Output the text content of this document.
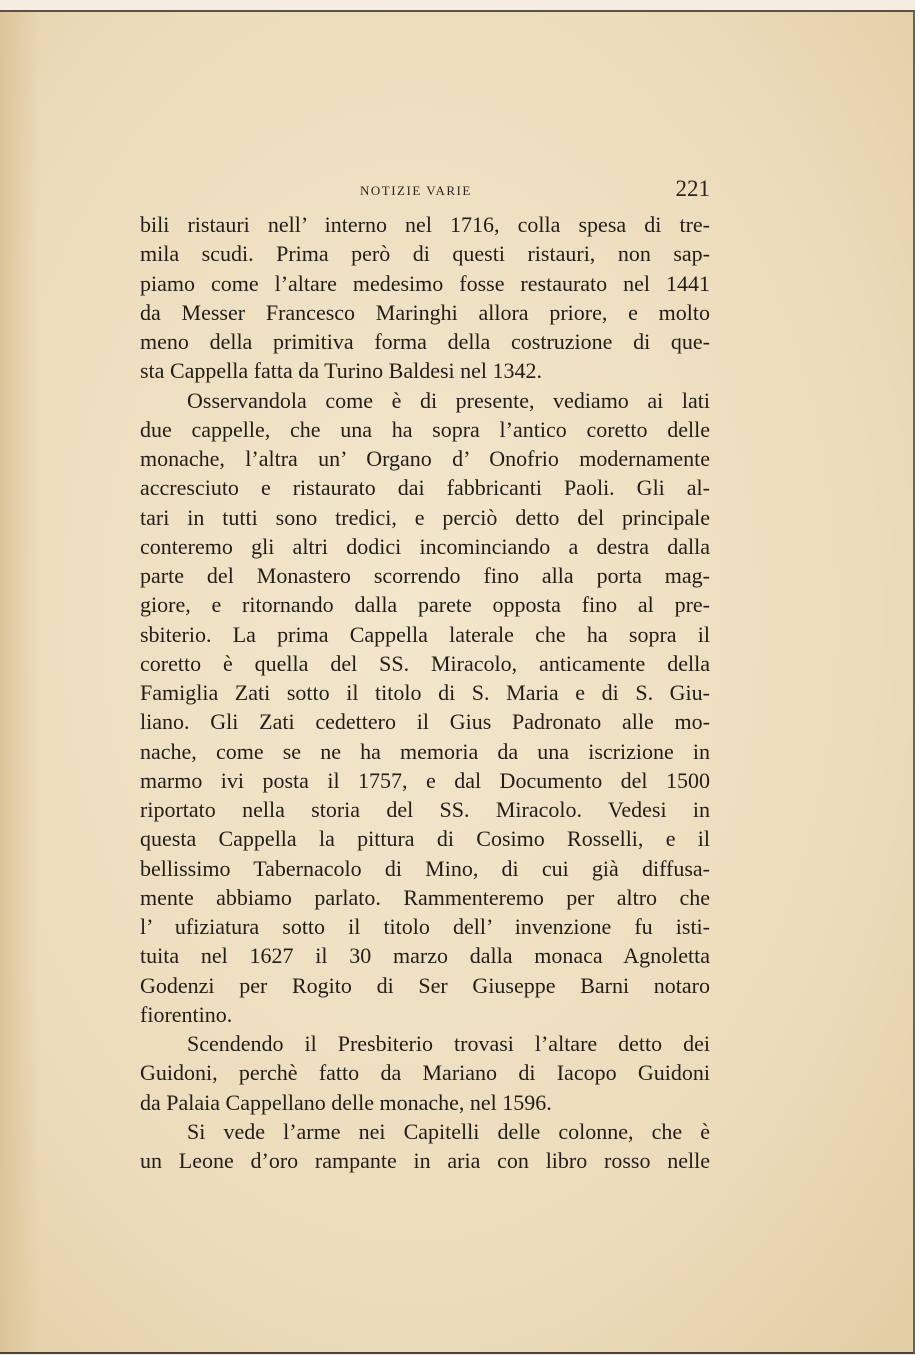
NOTIZIE VARIE	221
bili ristauri nell’ interno nel 1716, colla spesa di tre-
mila scudi. Prima però di questi ristauri, non sap-
piamo come l’altare medesimo fosse restaurato nel 1441
da Messer Francesco Maringhi allora priore, e molto
meno della primitiva forma della costruzione di que-
sta Cappella fatta da Turino Baldesi nel 1342.
Osservandola come è di presente, vediamo ai lati
due cappelle, che una ha sopra l’antico coretto delle
monache, l’altra un’ Organo d’ Onofrio modernamente
accresciuto e ristaurato dai fabbricanti Paoli. Gli al-
tari in tutti sono tredici, e perciò detto del principale
conteremo gli altri dodici incominciando a destra dalla
parte del Monastero scorrendo fino alla porta mag-
giore, e ritornando dalla parete opposta fino al pre-
sbiterio. La prima Cappella laterale che ha sopra il
coretto è quella del SS. Miracolo, anticamente della
Famiglia Zati sotto il titolo di S. Maria e di S. Giu-
liano. Gli Zati cedettero il Gius Padronato alle mo-
nache, come se ne ha memoria da una iscrizione in
marmo ivi posta il 1757, e dal Documento del 1500
riportato nella storia del SS. Miracolo. Vedesi in
questa Cappella la pittura di Cosimo Rosselli, e il
bellissimo Tabernacolo di Mino, di cui già diffusa-
mente abbiamo parlato. Rammenteremo per altro che
l’ ufiziatura sotto il titolo dell’ invenzione fu isti-
tuita nel 1627 il 30 marzo dalla monaca Agnoletta
Godenzi per Rogito di Ser Giuseppe Barni notaro
fiorentino.
Scendendo il Presbiterio trovasi l’altare detto dei
Guidoni, perchè fatto da Mariano di Iacopo Guidoni
da Palaia Cappellano delle monache, nel 1596.
Si vede l’arme nei Capitelli delle colonne, che è
un Leone d’oro rampante in aria con libro rosso nelle
